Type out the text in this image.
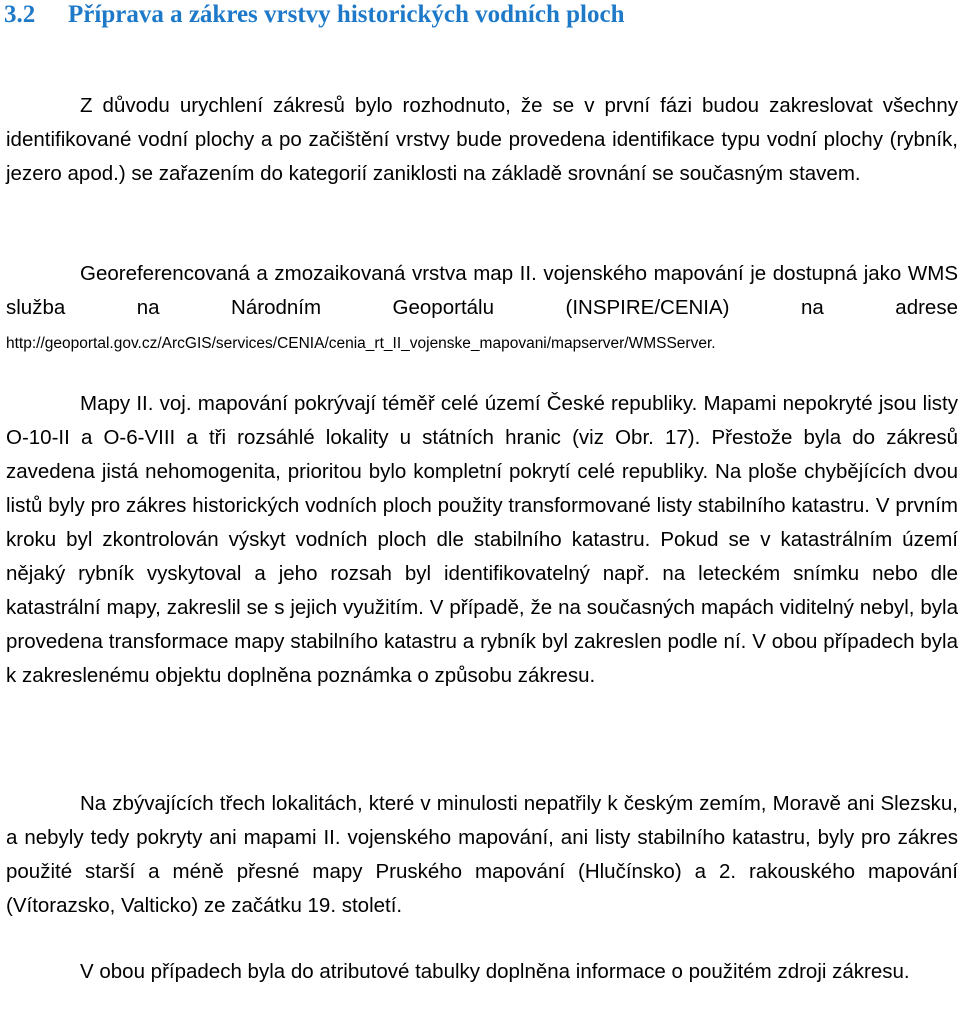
3.2 Příprava a zákres vrstvy historických vodních ploch

Z důvodu urychlení zákresů bylo rozhodnuto, že se v první fázi budou zakreslovat všechny identifikované vodní plochy a po začištění vrstvy bude provedena identifikace typu vodní plochy (rybník, jezero apod.) se zařazením do kategorií zaniklosti na základě srovnání se současným stavem.

Georeferencovaná a zmozaikovaná vrstva map II. vojenského mapování je dostupná jako WMS služba na Národním Geoportálu (INSPIRE/CENIA) na adrese http://geoportal.gov.cz/ArcGIS/services/CENIA/cenia_rt_II_vojenske_mapovani/mapserver/WMSServer.

Mapy II. voj. mapování pokrývají téměř celé území České republiky. Mapami nepokryté jsou listy O-10-II a O-6-VIII a tři rozsáhlé lokality u státních hranic (viz Obr. 17). Přestože byla do zákresů zavedena jistá nehomogenita, prioritou bylo kompletní pokrytí celé republiky. Na ploše chybějících dvou listů byly pro zákres historických vodních ploch použity transformované listy stabilního katastru. V prvním kroku byl zkontrolován výskyt vodních ploch dle stabilního katastru. Pokud se v katastrálním území nějaký rybník vyskytoval a jeho rozsah byl identifikovatelný např. na leteckém snímku nebo dle katastrální mapy, zakreslil se s jejich využitím. V případě, že na současných mapách viditelný nebyl, byla provedena transformace mapy stabilního katastru a rybník byl zakreslen podle ní. V obou případech byla k zakreslenému objektu doplněna poznámka o způsobu zákresu.

Na zbývajících třech lokalitách, které v minulosti nepatřily k českým zemím, Moravě ani Slezsku, a nebyly tedy pokryty ani mapami II. vojenského mapování, ani listy stabilního katastru, byly pro zákres použité starší a méně přesné mapy Pruského mapování (Hlučínsko) a 2. rakouského mapování (Vítorazsko, Valticko) ze začátku 19. století.

V obou případech byla do atributové tabulky doplněna informace o použitém zdroji zákresu.
